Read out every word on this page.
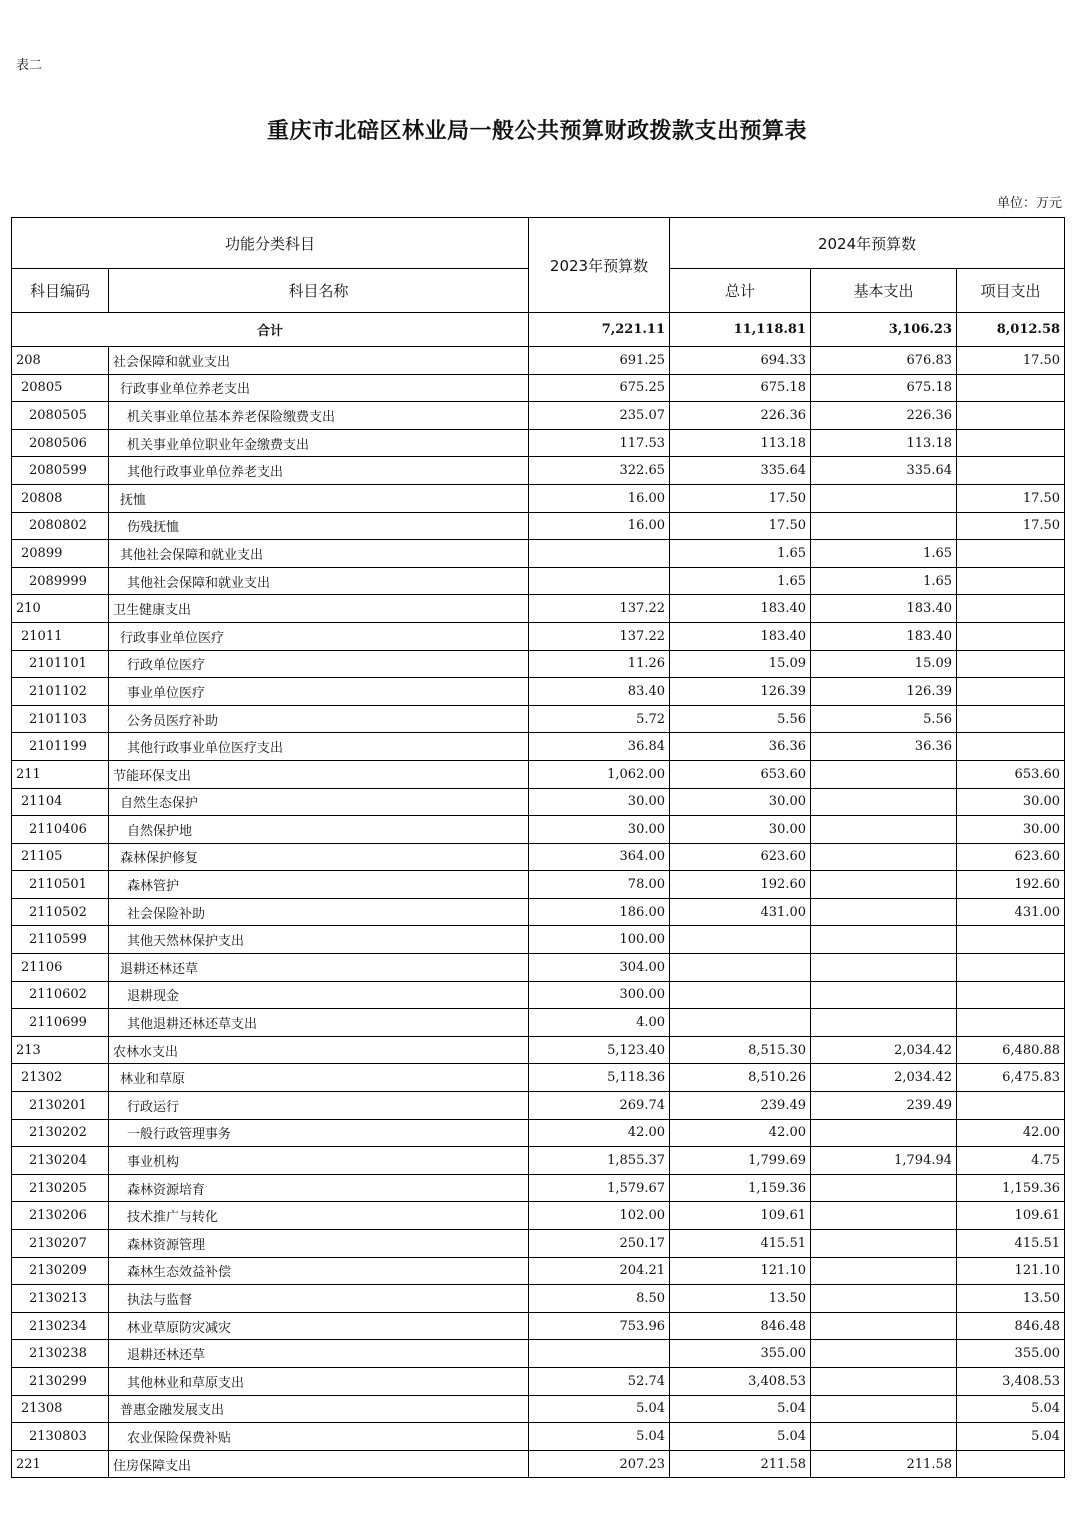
表二
重庆市北碚区林业局一般公共预算财政拨款支出预算表
单位：万元
功能分类科目		2023年预算数	2024年预算数		
科目编码	科目名称		总计	基本支出	项目支出
合计		7,221.11	11,118.81	3,106.23	8,012.58
208	社会保障和就业支出	691.25	694.33	676.83	17.50
20805	行政事业单位养老支出	675.25	675.18	675.18	
2080505	机关事业单位基本养老保险缴费支出	235.07	226.36	226.36	
2080506	机关事业单位职业年金缴费支出	117.53	113.18	113.18	
2080599	其他行政事业单位养老支出	322.65	335.64	335.64	
20808	抚恤	16.00	17.50		17.50
2080802	伤残抚恤	16.00	17.50		17.50
20899	其他社会保障和就业支出		1.65	1.65	
2089999	其他社会保障和就业支出		1.65	1.65	
210	卫生健康支出	137.22	183.40	183.40	
21011	行政事业单位医疗	137.22	183.40	183.40	
2101101	行政单位医疗	11.26	15.09	15.09	
2101102	事业单位医疗	83.40	126.39	126.39	
2101103	公务员医疗补助	5.72	5.56	5.56	
2101199	其他行政事业单位医疗支出	36.84	36.36	36.36	
211	节能环保支出	1,062.00	653.60		653.60
21104	自然生态保护	30.00	30.00		30.00
2110406	自然保护地	30.00	30.00		30.00
21105	森林保护修复	364.00	623.60		623.60
2110501	森林管护	78.00	192.60		192.60
2110502	社会保险补助	186.00	431.00		431.00
2110599	其他天然林保护支出	100.00			
21106	退耕还林还草	304.00			
2110602	退耕现金	300.00			
2110699	其他退耕还林还草支出	4.00			
213	农林水支出	5,123.40	8,515.30	2,034.42	6,480.88
21302	林业和草原	5,118.36	8,510.26	2,034.42	6,475.83
2130201	行政运行	269.74	239.49	239.49	
2130202	一般行政管理事务	42.00	42.00		42.00
2130204	事业机构	1,855.37	1,799.69	1,794.94	4.75
2130205	森林资源培育	1,579.67	1,159.36		1,159.36
2130206	技术推广与转化	102.00	109.61		109.61
2130207	森林资源管理	250.17	415.51		415.51
2130209	森林生态效益补偿	204.21	121.10		121.10
2130213	执法与监督	8.50	13.50		13.50
2130234	林业草原防灾减灾	753.96	846.48		846.48
2130238	退耕还林还草		355.00		355.00
2130299	其他林业和草原支出	52.74	3,408.53		3,408.53
21308	普惠金融发展支出	5.04	5.04		5.04
2130803	农业保险保费补贴	5.04	5.04		5.04
221	住房保障支出	207.23	211.58	211.58	
